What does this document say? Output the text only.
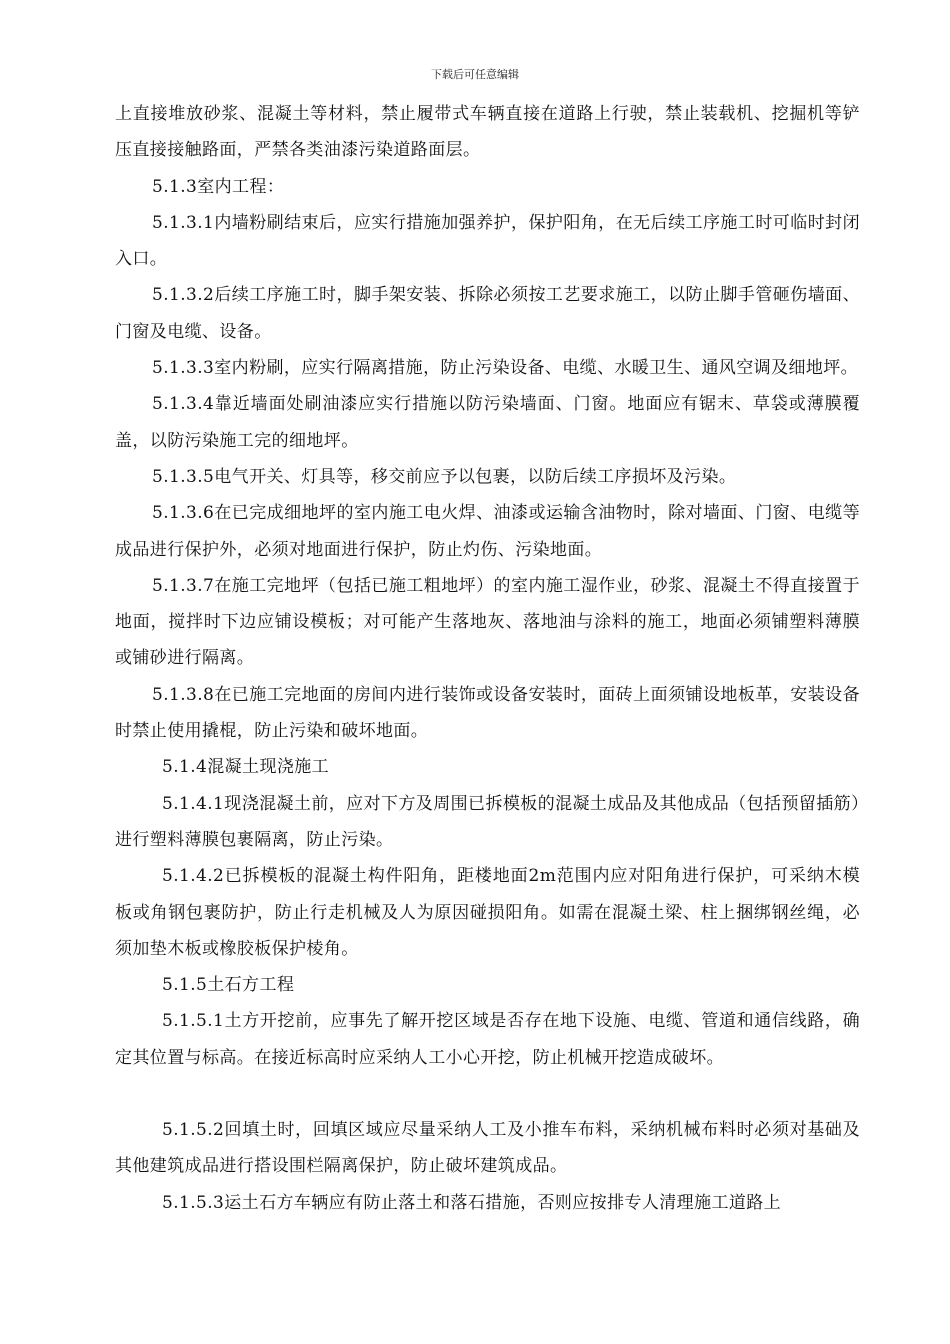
下载后可任意编辑

上直接堆放砂浆、混凝土等材料，禁止履带式车辆直接在道路上行驶，禁止装载机、挖掘机等铲压直接接触路面，严禁各类油漆污染道路面层。

5.1.3室内工程：

5.1.3.1内墙粉刷结束后，应实行措施加强养护，保护阳角，在无后续工序施工时可临时封闭入口。

5.1.3.2后续工序施工时，脚手架安装、拆除必须按工艺要求施工，以防止脚手管砸伤墙面、门窗及电缆、设备。

5.1.3.3室内粉刷，应实行隔离措施，防止污染设备、电缆、水暖卫生、通风空调及细地坪。

5.1.3.4靠近墙面处刷油漆应实行措施以防污染墙面、门窗。地面应有锯末、草袋或薄膜覆盖，以防污染施工完的细地坪。

5.1.3.5电气开关、灯具等，移交前应予以包裹，以防后续工序损坏及污染。

5.1.3.6在已完成细地坪的室内施工电火焊、油漆或运输含油物时，除对墙面、门窗、电缆等成品进行保护外，必须对地面进行保护，防止灼伤、污染地面。

5.1.3.7在施工完地坪（包括已施工粗地坪）的室内施工湿作业，砂浆、混凝土不得直接置于地面，搅拌时下边应铺设模板；对可能产生落地灰、落地油与涂料的施工，地面必须铺塑料薄膜或铺砂进行隔离。

5.1.3.8在已施工完地面的房间内进行装饰或设备安装时，面砖上面须铺设地板革，安装设备时禁止使用撬棍，防止污染和破坏地面。

5.1.4混凝土现浇施工

5.1.4.1现浇混凝土前，应对下方及周围已拆模板的混凝土成品及其他成品（包括预留插筋）进行塑料薄膜包裹隔离，防止污染。

5.1.4.2已拆模板的混凝土构件阳角，距楼地面2m范围内应对阳角进行保护，可采纳木模板或角钢包裹防护，防止行走机械及人为原因碰损阳角。如需在混凝土梁、柱上捆绑钢丝绳，必须加垫木板或橡胶板保护棱角。

5.1.5土石方工程

5.1.5.1土方开挖前，应事先了解开挖区域是否存在地下设施、电缆、管道和通信线路，确定其位置与标高。在接近标高时应采纳人工小心开挖，防止机械开挖造成破坏。

5.1.5.2回填土时，回填区域应尽量采纳人工及小推车布料，采纳机械布料时必须对基础及其他建筑成品进行搭设围栏隔离保护，防止破坏建筑成品。

5.1.5.3运土石方车辆应有防止落土和落石措施，否则应按排专人清理施工道路上
